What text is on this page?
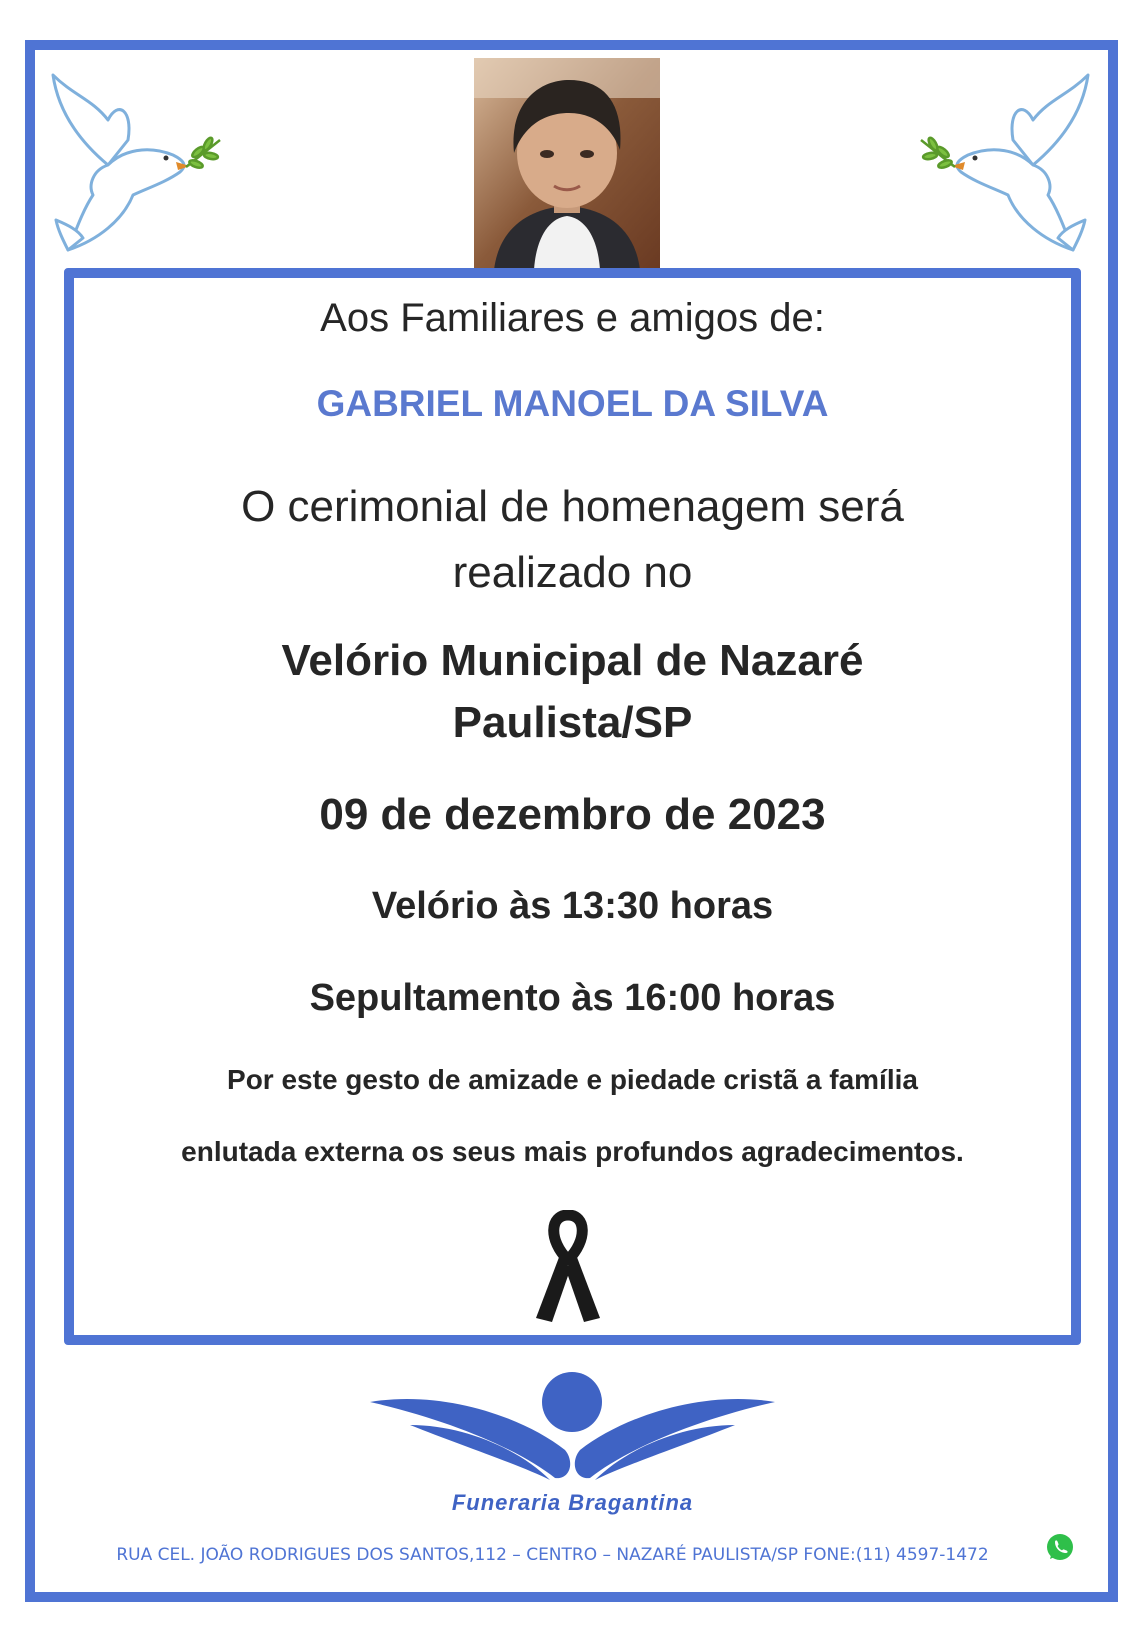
Aos Familiares e amigos de:
GABRIEL MANOEL DA SILVA
O cerimonial de homenagem será
realizado no
Velório Municipal de Nazaré
Paulista/SP
09 de dezembro de 2023
Velório às 13:30 horas
Sepultamento às 16:00 horas
Por este gesto de amizade e piedade cristã a família
enlutada externa os seus mais profundos agradecimentos.
Funeraria Bragantina
RUA CEL. JOÃO RODRIGUES DOS SANTOS,112 – CENTRO – NAZARÉ PAULISTA/SP FONE:(11) 4597-1472
